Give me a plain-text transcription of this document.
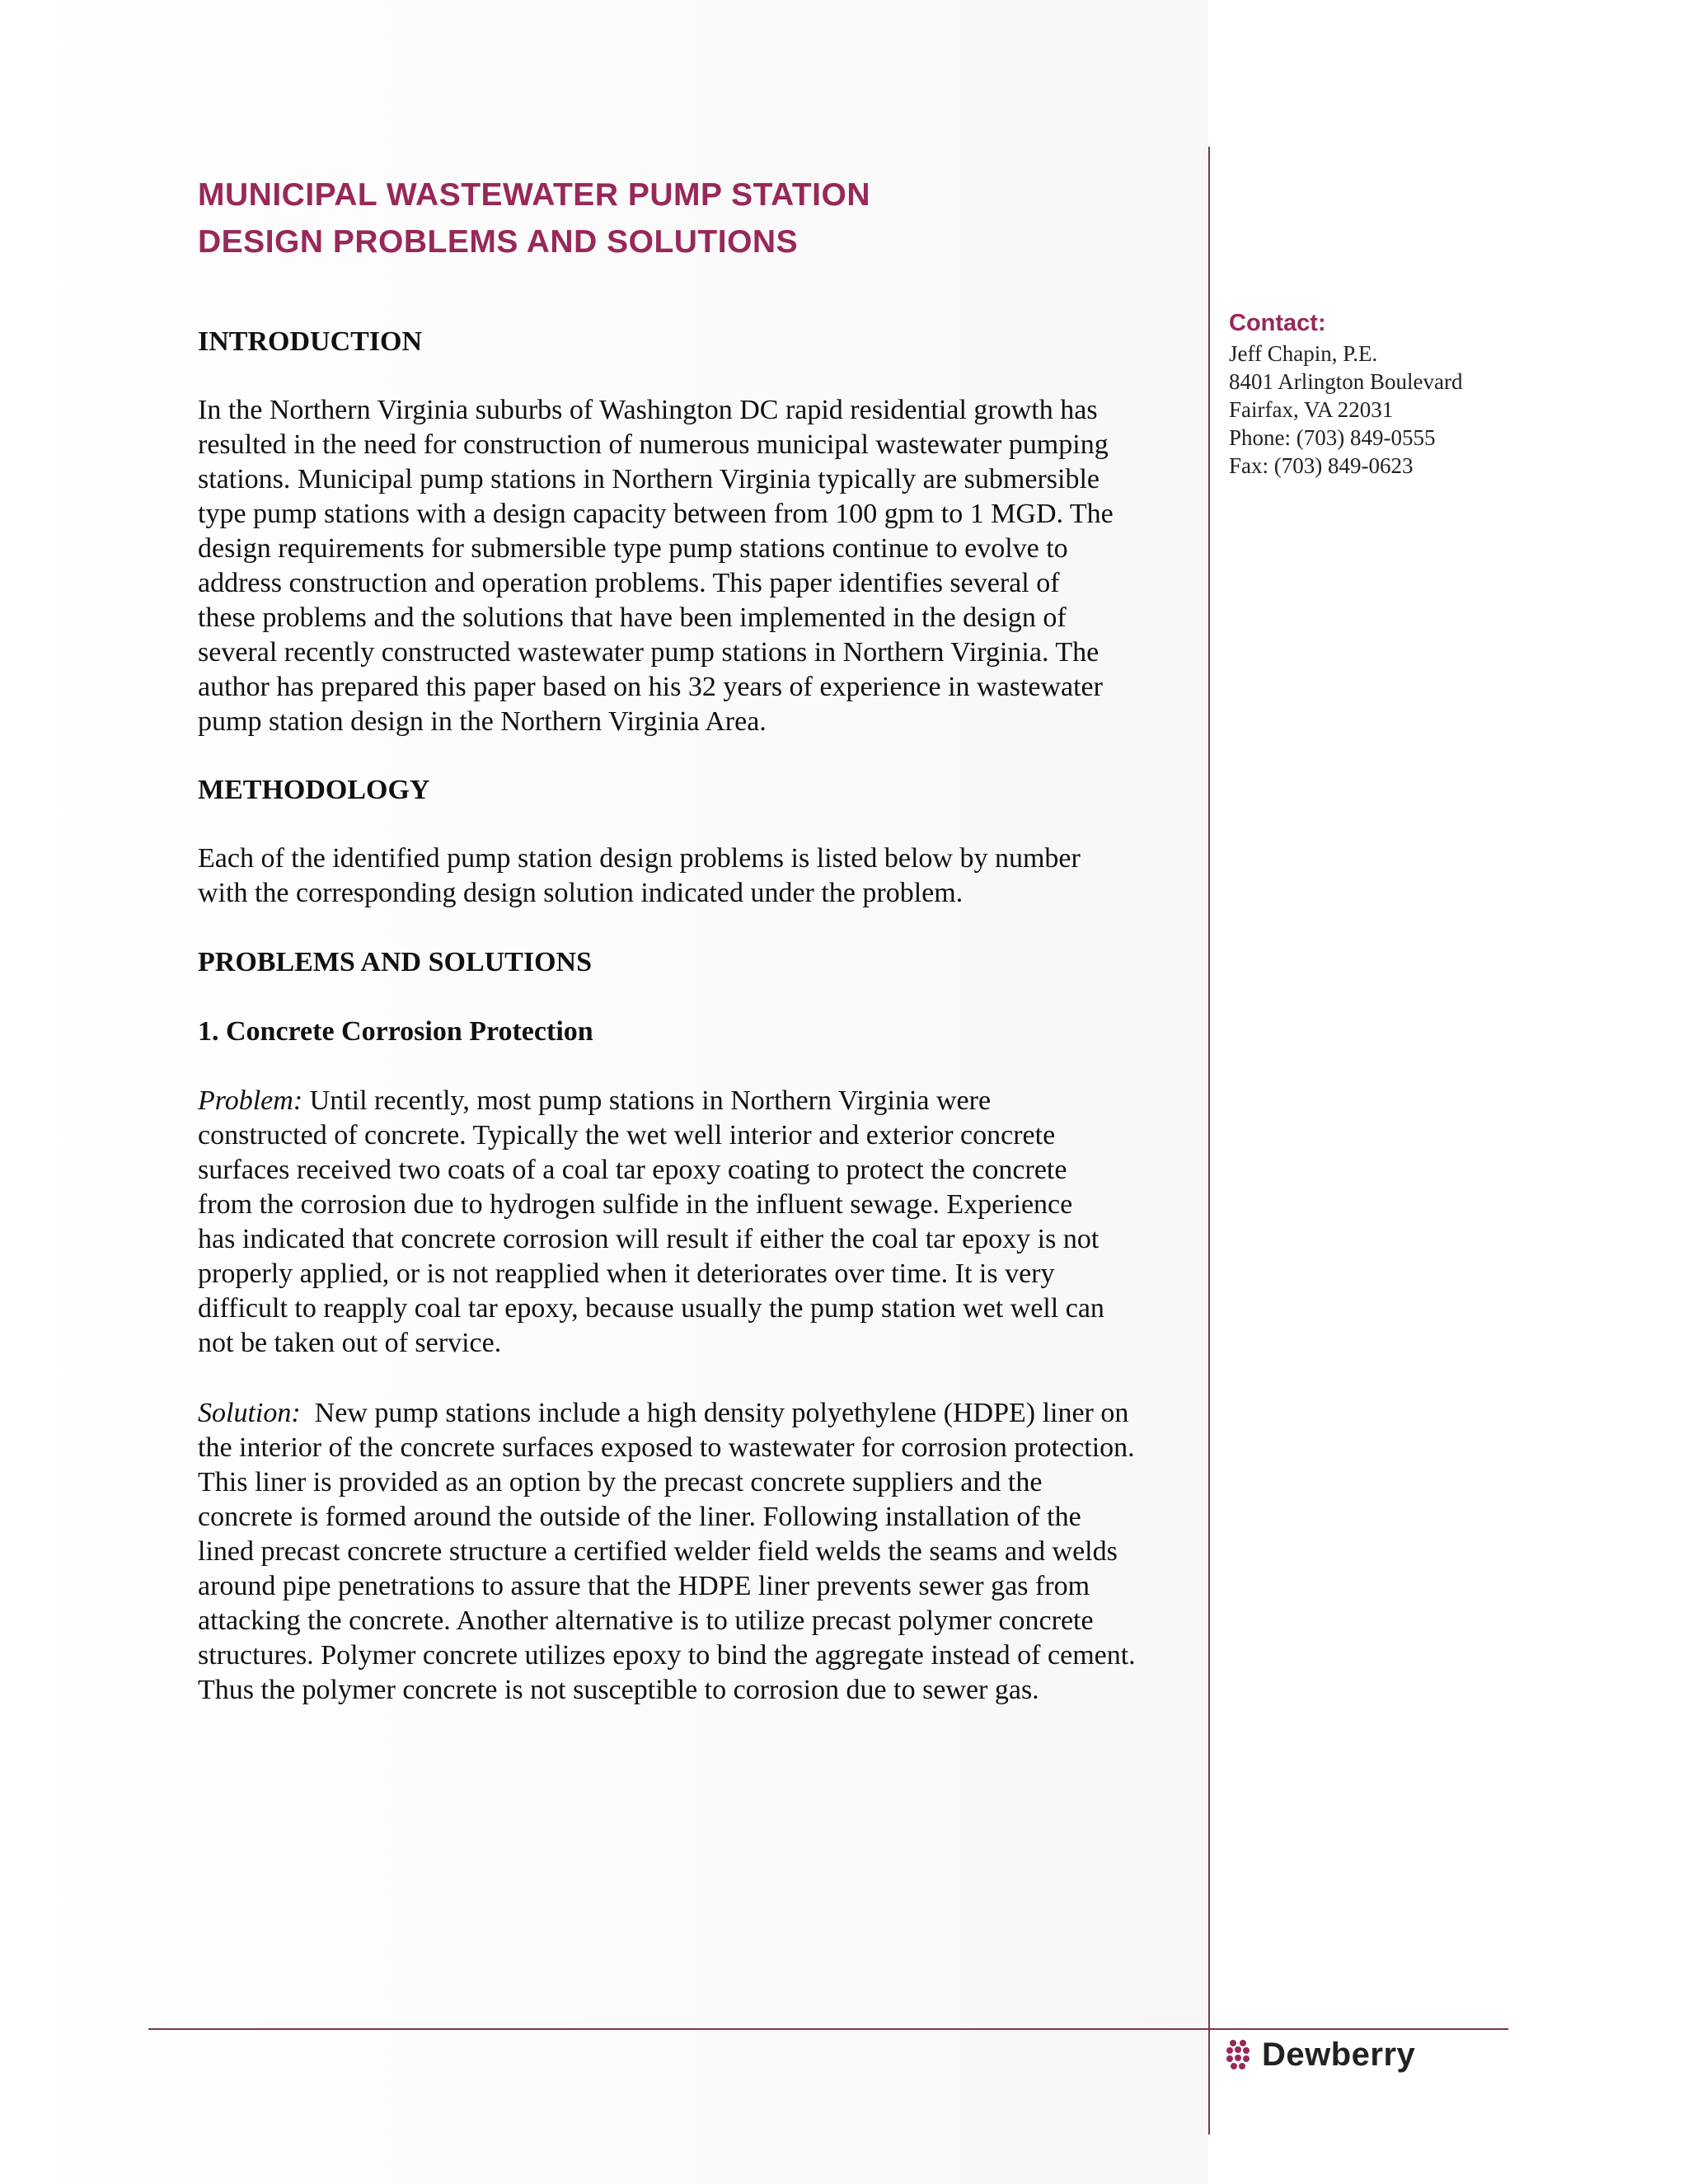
MUNICIPAL WASTEWATER PUMP STATION
DESIGN PROBLEMS AND SOLUTIONS
INTRODUCTION

In the Northern Virginia suburbs of Washington DC rapid residential growth has
resulted in the need for construction of numerous municipal wastewater pumping
stations. Municipal pump stations in Northern Virginia typically are submersible
type pump stations with a design capacity between from 100 gpm to 1 MGD. The
design requirements for submersible type pump stations continue to evolve to
address construction and operation problems. This paper identifies several of
these problems and the solutions that have been implemented in the design of
several recently constructed wastewater pump stations in Northern Virginia. The
author has prepared this paper based on his 32 years of experience in wastewater
pump station design in the Northern Virginia Area.

METHODOLOGY

Each of the identified pump station design problems is listed below by number
with the corresponding design solution indicated under the problem.

PROBLEMS AND SOLUTIONS
1. Concrete Corrosion Protection

Problem: Until recently, most pump stations in Northern Virginia were
constructed of concrete. Typically the wet well interior and exterior concrete
surfaces received two coats of a coal tar epoxy coating to protect the concrete
from the corrosion due to hydrogen sulfide in the influent sewage. Experience
has indicated that concrete corrosion will result if either the coal tar epoxy is not
properly applied, or is not reapplied when it deteriorates over time. It is very
difficult to reapply coal tar epoxy, because usually the pump station wet well can
not be taken out of service.

Solution:  New pump stations include a high density polyethylene (HDPE) liner on
the interior of the concrete surfaces exposed to wastewater for corrosion protection.
This liner is provided as an option by the precast concrete suppliers and the
concrete is formed around the outside of the liner. Following installation of the
lined precast concrete structure a certified welder field welds the seams and welds
around pipe penetrations to assure that the HDPE liner prevents sewer gas from
attacking the concrete. Another alternative is to utilize precast polymer concrete
structures. Polymer concrete utilizes epoxy to bind the aggregate instead of cement.
Thus the polymer concrete is not susceptible to corrosion due to sewer gas.

Contact:
Jeff Chapin, P.E.
8401 Arlington Boulevard
Fairfax, VA 22031
Phone: (703) 849-0555
Fax: (703) 849-0623
Dewberry
